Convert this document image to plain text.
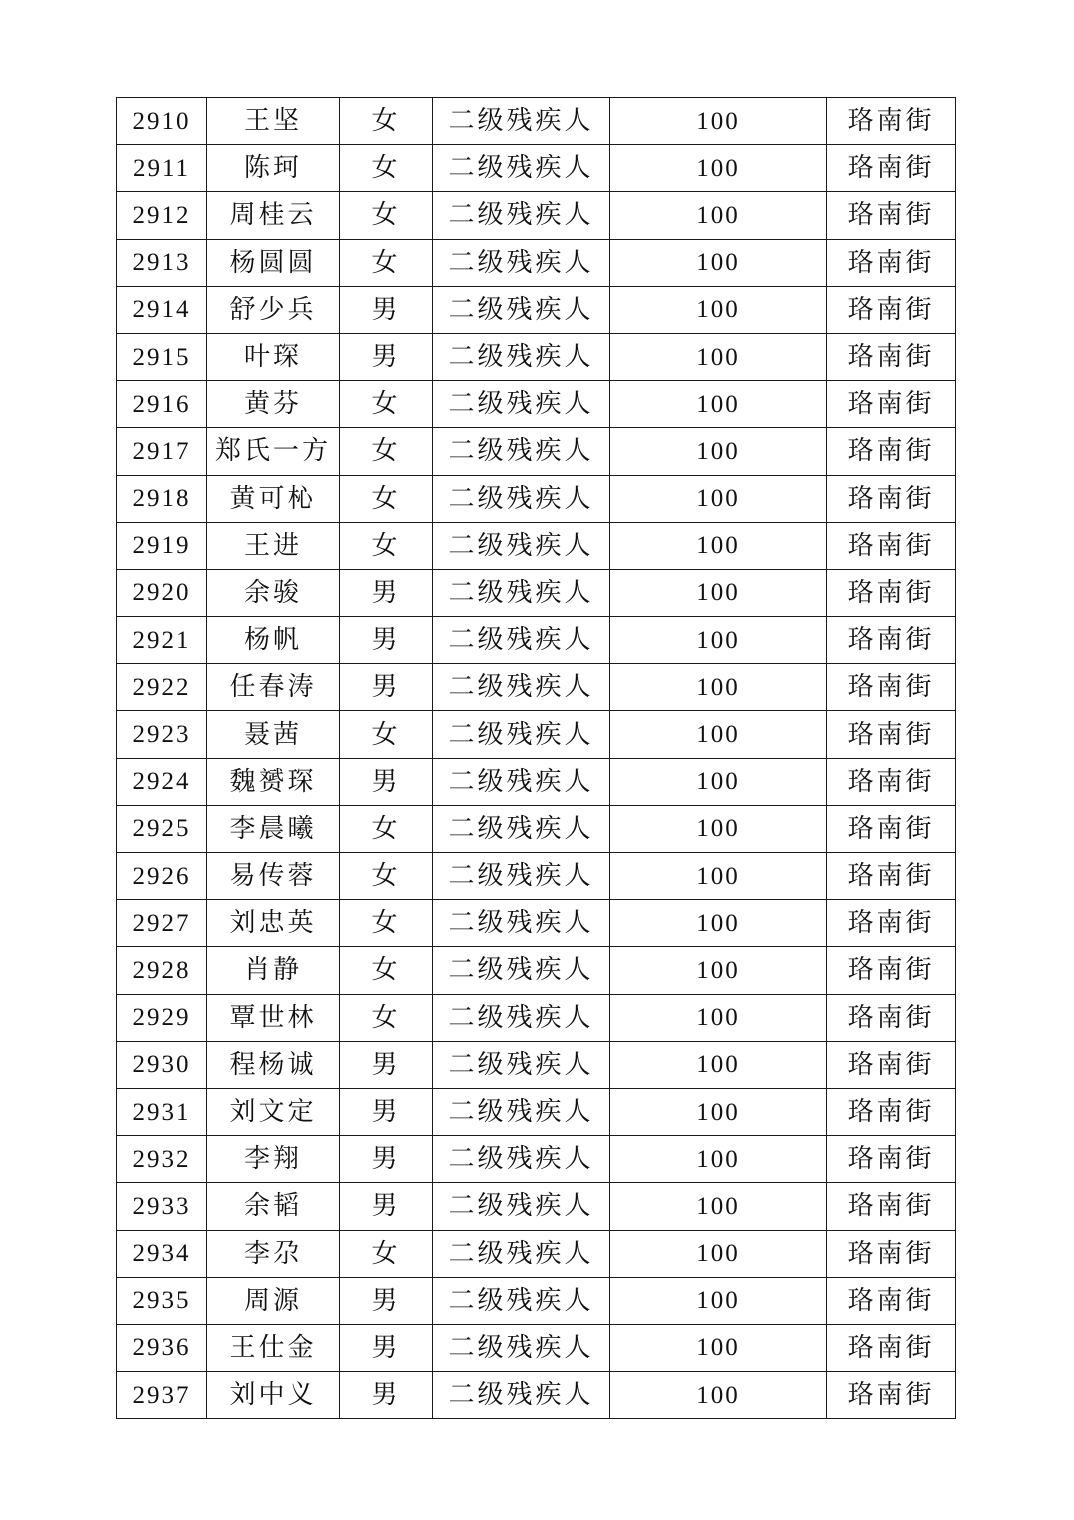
2910	王坚	女	二级残疾人	100	珞南街
2911	陈珂	女	二级残疾人	100	珞南街
2912	周桂云	女	二级残疾人	100	珞南街
2913	杨圆圆	女	二级残疾人	100	珞南街
2914	舒少兵	男	二级残疾人	100	珞南街
2915	叶琛	男	二级残疾人	100	珞南街
2916	黄芬	女	二级残疾人	100	珞南街
2917	郑氏一方	女	二级残疾人	100	珞南街
2918	黄可杺	女	二级残疾人	100	珞南街
2919	王进	女	二级残疾人	100	珞南街
2920	余骏	男	二级残疾人	100	珞南街
2921	杨帆	男	二级残疾人	100	珞南街
2922	任春涛	男	二级残疾人	100	珞南街
2923	聂茜	女	二级残疾人	100	珞南街
2924	魏赟琛	男	二级残疾人	100	珞南街
2925	李晨曦	女	二级残疾人	100	珞南街
2926	易传蓉	女	二级残疾人	100	珞南街
2927	刘忠英	女	二级残疾人	100	珞南街
2928	肖静	女	二级残疾人	100	珞南街
2929	覃世林	女	二级残疾人	100	珞南街
2930	程杨诚	男	二级残疾人	100	珞南街
2931	刘文定	男	二级残疾人	100	珞南街
2932	李翔	男	二级残疾人	100	珞南街
2933	余韬	男	二级残疾人	100	珞南街
2934	李尕	女	二级残疾人	100	珞南街
2935	周源	男	二级残疾人	100	珞南街
2936	王仕金	男	二级残疾人	100	珞南街
2937	刘中义	男	二级残疾人	100	珞南街
